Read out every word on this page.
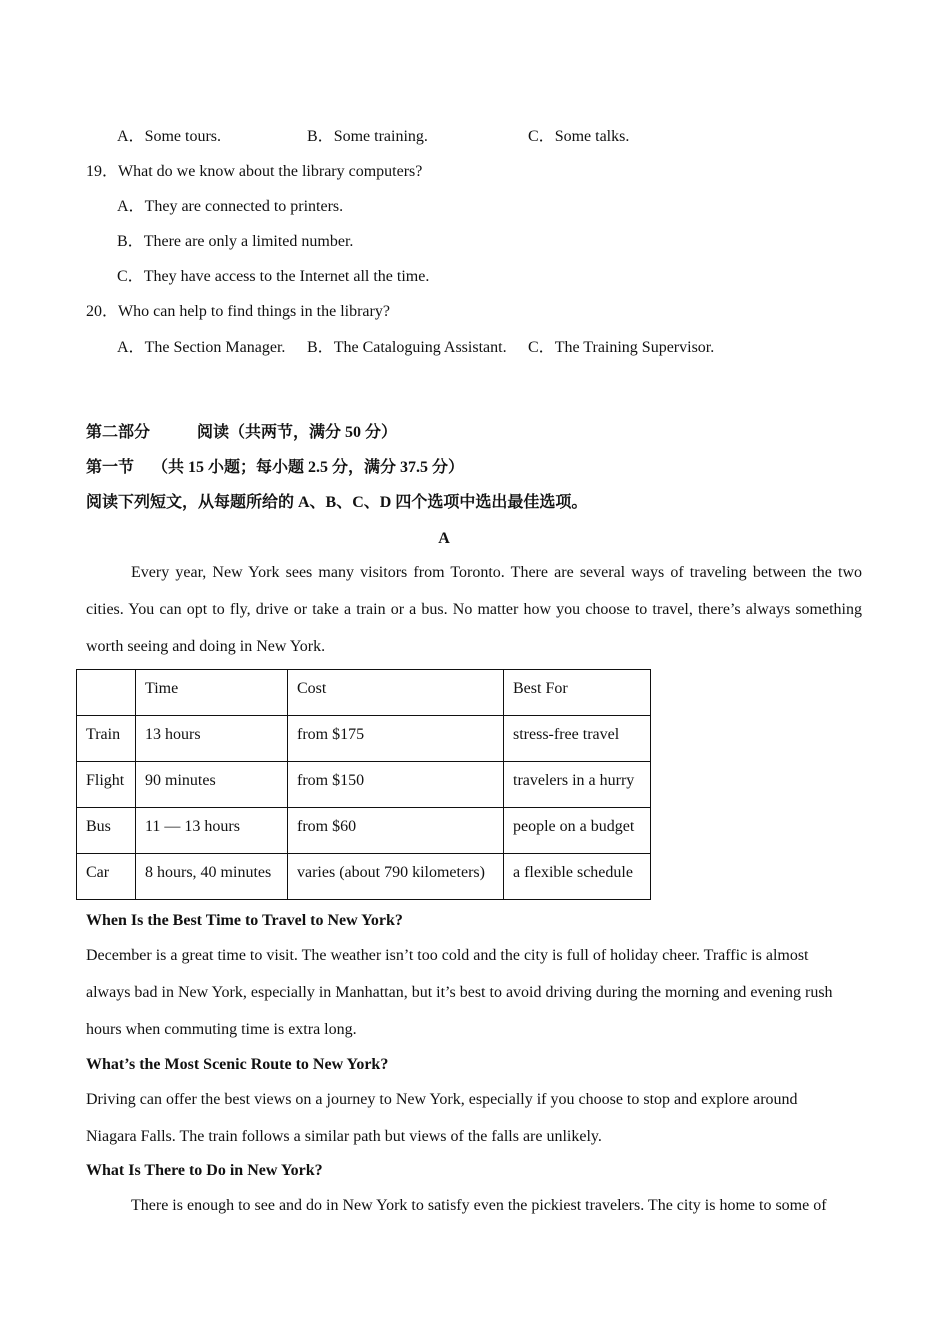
A．Some tours.	B．Some training.	C．Some talks.
19．What do we know about the library computers?
A．They are connected to printers.
B．There are only a limited number.
C．They have access to the Internet all the time.
20．Who can help to find things in the library?
A．The Section Manager. B．The Cataloguing Assistant. C．The Training Supervisor.
第二部分	阅读（共两节，满分 50 分）
第一节 （共 15 小题；每小题 2.5 分，满分 37.5 分）
阅读下列短文，从每题所给的 A、B、C、D 四个选项中选出最佳选项。
A
Every year, New York sees many visitors from Toronto. There are several ways of traveling between the two cities. You can opt to fly, drive or take a train or a bus. No matter how you choose to travel, there’s always something worth seeing and doing in New York.
	Time	Cost	Best For
Train	13 hours	from $175	stress-free travel
Flight	90 minutes	from $150	travelers in a hurry
Bus	11 — 13 hours	from $60	people on a budget
Car	8 hours, 40 minutes	varies (about 790 kilometers)	a flexible schedule
When Is the Best Time to Travel to New York?
December is a great time to visit. The weather isn’t too cold and the city is full of holiday cheer. Traffic is almost always bad in New York, especially in Manhattan, but it’s best to avoid driving during the morning and evening rush hours when commuting time is extra long.
What’s the Most Scenic Route to New York?
Driving can offer the best views on a journey to New York, especially if you choose to stop and explore around Niagara Falls. The train follows a similar path but views of the falls are unlikely.
What Is There to Do in New York?
There is enough to see and do in New York to satisfy even the pickiest travelers. The city is home to some of
